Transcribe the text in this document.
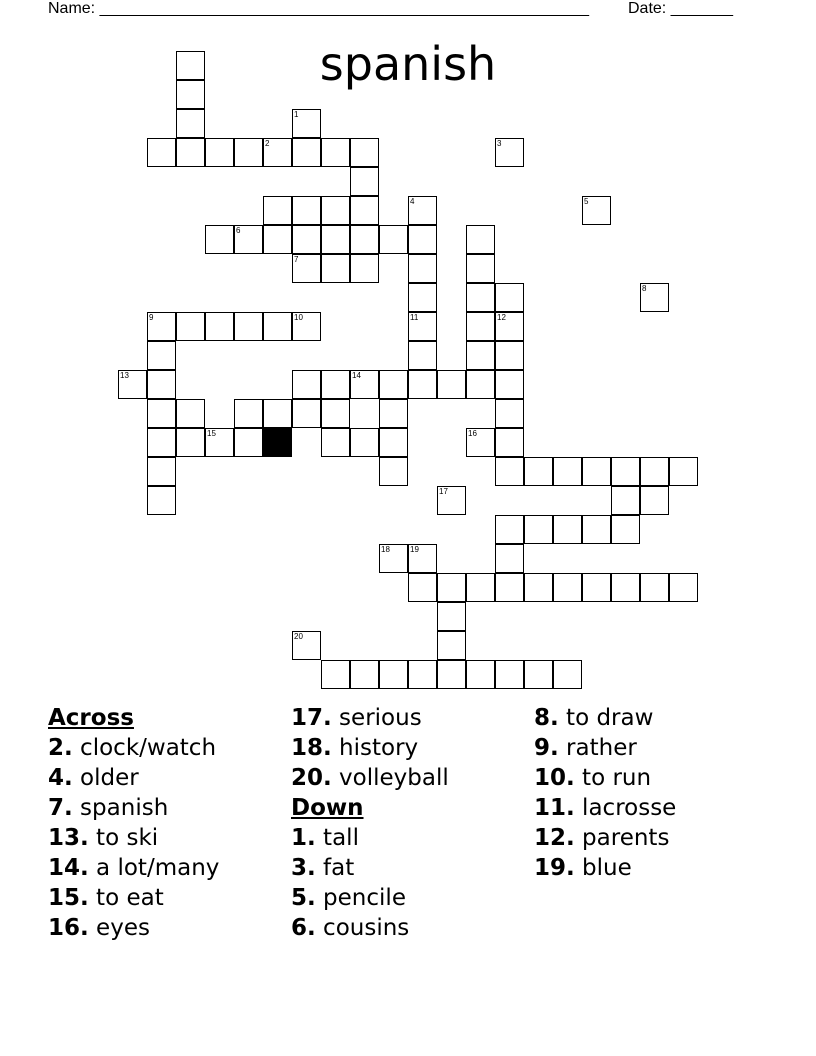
Name: _______________________________________________________ Date: _______
spanish
2
6
4
11	12
9	10
1
3
5
7
8
13	14
15	16
17
18	19
20
Across
2. clock/watch
4. older
7. spanish
13. to ski
14. a lot/many
15. to eat
16. eyes
17. serious
18. history
20. volleyball
Down
1. tall
3. fat
5. pencile
6. cousins
8. to draw
9. rather
10. to run
11. lacrosse
12. parents
19. blue
